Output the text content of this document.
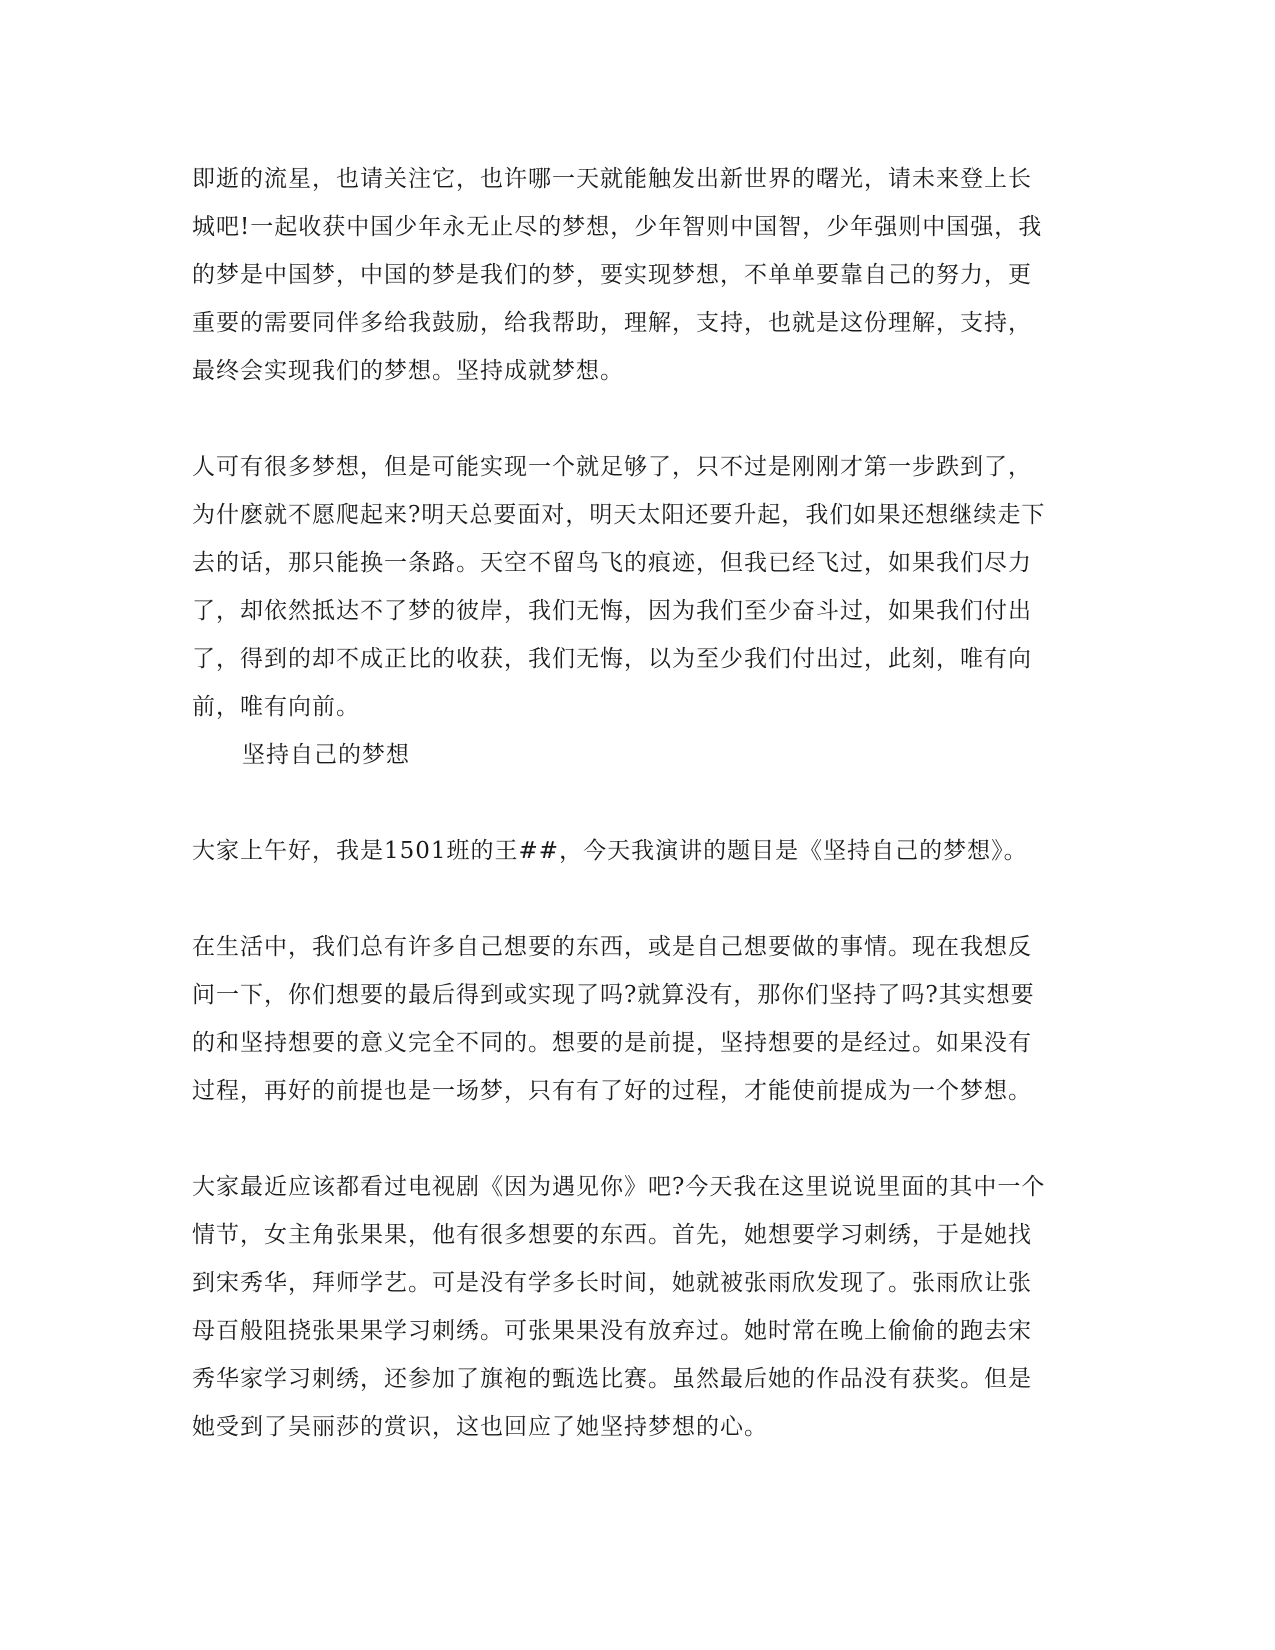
即逝的流星，也请关注它，也许哪一天就能触发出新世界的曙光，请未来登上长
城吧!一起收获中国少年永无止尽的梦想，少年智则中国智，少年强则中国强，我
的梦是中国梦，中国的梦是我们的梦，要实现梦想，不单单要靠自己的努力，更
重要的需要同伴多给我鼓励，给我帮助，理解，支持，也就是这份理解，支持，
最终会实现我们的梦想。坚持成就梦想。

人可有很多梦想，但是可能实现一个就足够了，只不过是刚刚才第一步跌到了，
为什麽就不愿爬起来?明天总要面对，明天太阳还要升起，我们如果还想继续走下
去的话，那只能换一条路。天空不留鸟飞的痕迹，但我已经飞过，如果我们尽力
了，却依然抵达不了梦的彼岸，我们无悔，因为我们至少奋斗过，如果我们付出
了，得到的却不成正比的收获，我们无悔，以为至少我们付出过，此刻，唯有向
前，唯有向前。

坚持自己的梦想

大家上午好，我是1501班的王##，今天我演讲的题目是《坚持自己的梦想》。

在生活中，我们总有许多自己想要的东西，或是自己想要做的事情。现在我想反
问一下，你们想要的最后得到或实现了吗?就算没有，那你们坚持了吗?其实想要
的和坚持想要的意义完全不同的。想要的是前提，坚持想要的是经过。如果没有
过程，再好的前提也是一场梦，只有有了好的过程，才能使前提成为一个梦想。

大家最近应该都看过电视剧《因为遇见你》吧?今天我在这里说说里面的其中一个
情节，女主角张果果，他有很多想要的东西。首先，她想要学习刺绣，于是她找
到宋秀华，拜师学艺。可是没有学多长时间，她就被张雨欣发现了。张雨欣让张
母百般阻挠张果果学习刺绣。可张果果没有放弃过。她时常在晚上偷偷的跑去宋
秀华家学习刺绣，还参加了旗袍的甄选比赛。虽然最后她的作品没有获奖。但是
她受到了吴丽莎的赏识，这也回应了她坚持梦想的心。
